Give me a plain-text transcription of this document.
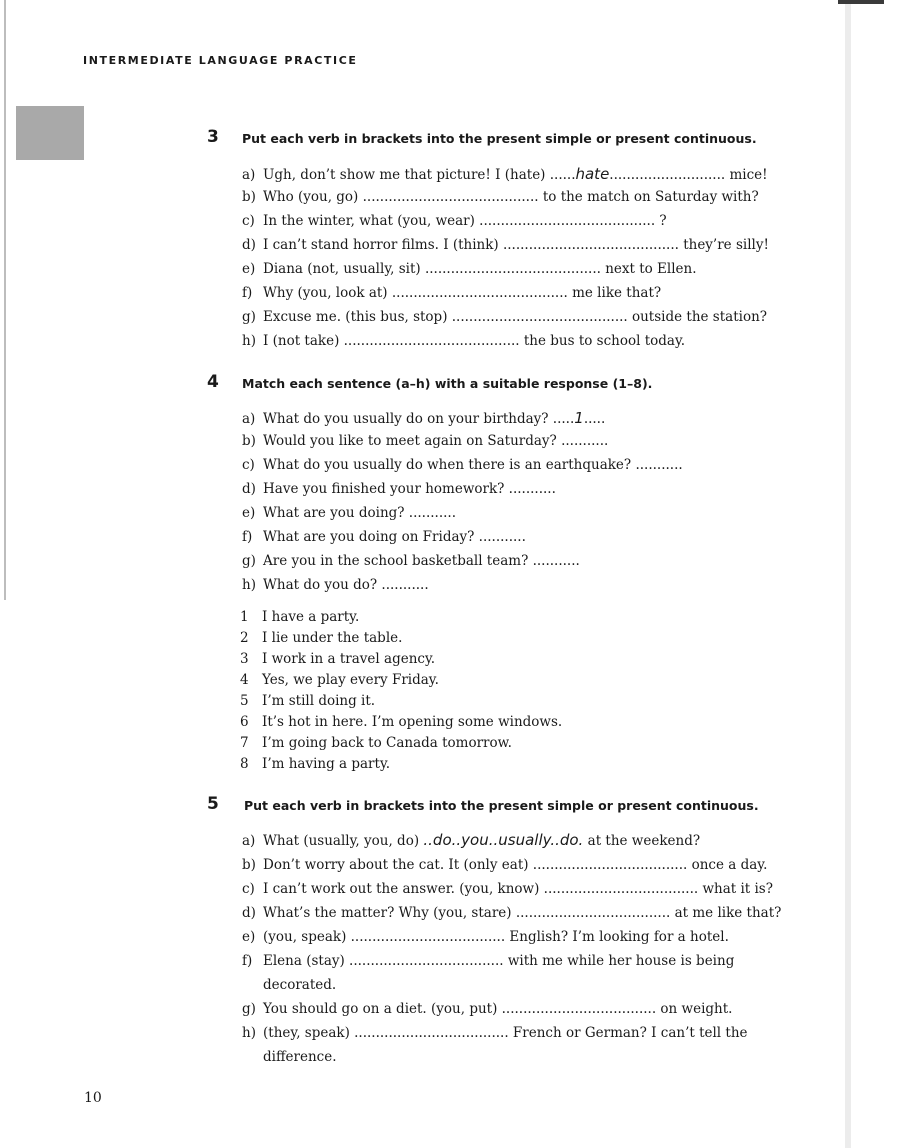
INTERMEDIATE LANGUAGE PRACTICE
3 Put each verb in brackets into the present simple or present continuous.
a) Ugh, don’t show me that picture! I (hate) ......hate........................... mice!
b) Who (you, go) ......................................... to the match on Saturday with?
c) In the winter, what (you, wear) ......................................... ?
d) I can’t stand horror films. I (think) ......................................... they’re silly!
e) Diana (not, usually, sit) ......................................... next to Ellen.
f) Why (you, look at) ......................................... me like that?
g) Excuse me. (this bus, stop) ......................................... outside the station?
h) I (not take) ......................................... the bus to school today.
4 Match each sentence (a–h) with a suitable response (1–8).
a) What do you usually do on your birthday? .....1.....
b) Would you like to meet again on Saturday? ...........
c) What do you usually do when there is an earthquake? ...........
d) Have you finished your homework? ...........
e) What are you doing? ...........
f) What are you doing on Friday? ...........
g) Are you in the school basketball team? ...........
h) What do you do? ...........
1 I have a party.
2 I lie under the table.
3 I work in a travel agency.
4 Yes, we play every Friday.
5 I’m still doing it.
6 It’s hot in here. I’m opening some windows.
7 I’m going back to Canada tomorrow.
8 I’m having a party.
5 Put each verb in brackets into the present simple or present continuous.
a) What (usually, you, do) ..do..you..usually..do. at the weekend?
b) Don’t worry about the cat. It (only eat) .................................... once a day.
c) I can’t work out the answer. (you, know) .................................... what it is?
d) What’s the matter? Why (you, stare) .................................... at me like that?
e) (you, speak) .................................... English? I’m looking for a hotel.
f) Elena (stay) .................................... with me while her house is being
decorated.
g) You should go on a diet. (you, put) .................................... on weight.
h) (they, speak) .................................... French or German? I can’t tell the
difference.
10
